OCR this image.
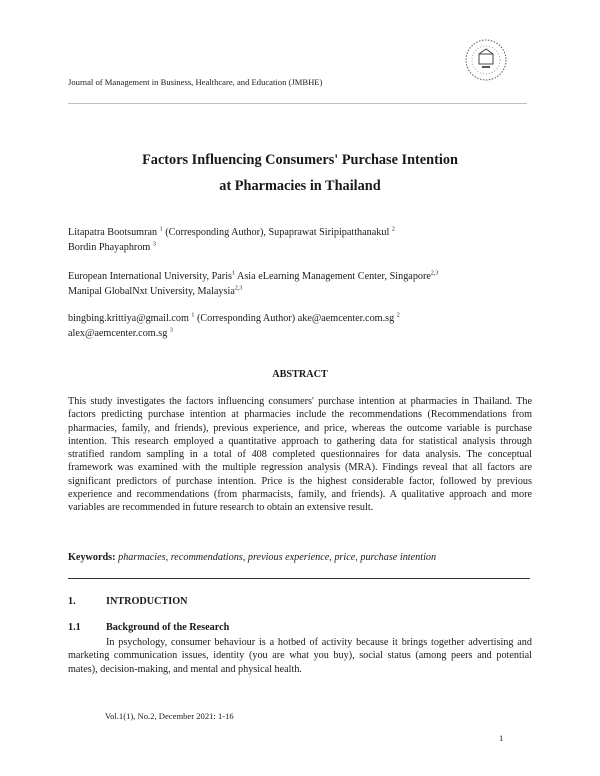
Journal of Management in Business, Healthcare, and Education (JMBHE)
Factors Influencing Consumers' Purchase Intention
at Pharmacies in Thailand
Litapatra Bootsumran $^1$ (Corresponding Author), Supaprawat Siripipatthanakul $^2$
Bordin Phayaphrom $^3$
European International University, Paris$^1$ Asia eLearning Management Center, Singapore$^{2,3}$
Manipal GlobalNxt University, Malaysia$^{2,3}$
bingbing.krittiya@gmail.com $^1$ (Corresponding Author) ake@aemcenter.com.sg $^2$
alex@aemcenter.com.sg $^3$
ABSTRACT
This study investigates the factors influencing consumers' purchase intention at pharmacies in Thailand. The factors predicting purchase intention at pharmacies include the recommendations (Recommendations from pharmacies, family, and friends), previous experience, and price, whereas the outcome variable is purchase intention. This research employed a quantitative approach to gathering data for statistical analysis through stratified random sampling in a total of 408 completed questionnaires for data analysis. The conceptual framework was examined with the multiple regression analysis (MRA). Findings reveal that all factors are significant predictors of purchase intention. Price is the highest considerable factor, followed by previous experience and recommendations (from pharmacists, family, and friends). A qualitative approach and more variables are recommended in future research to obtain an extensive result.
Keywords: pharmacies, recommendations, previous experience, price, purchase intention
1.	INTRODUCTION
1.1 Background of the Research
In psychology, consumer behaviour is a hotbed of activity because it brings together advertising and marketing communication issues, identity (you are what you buy), social status (among peers and potential mates), decision-making, and mental and physical health.
Vol.1(1), No.2, December 2021: 1-16
1
